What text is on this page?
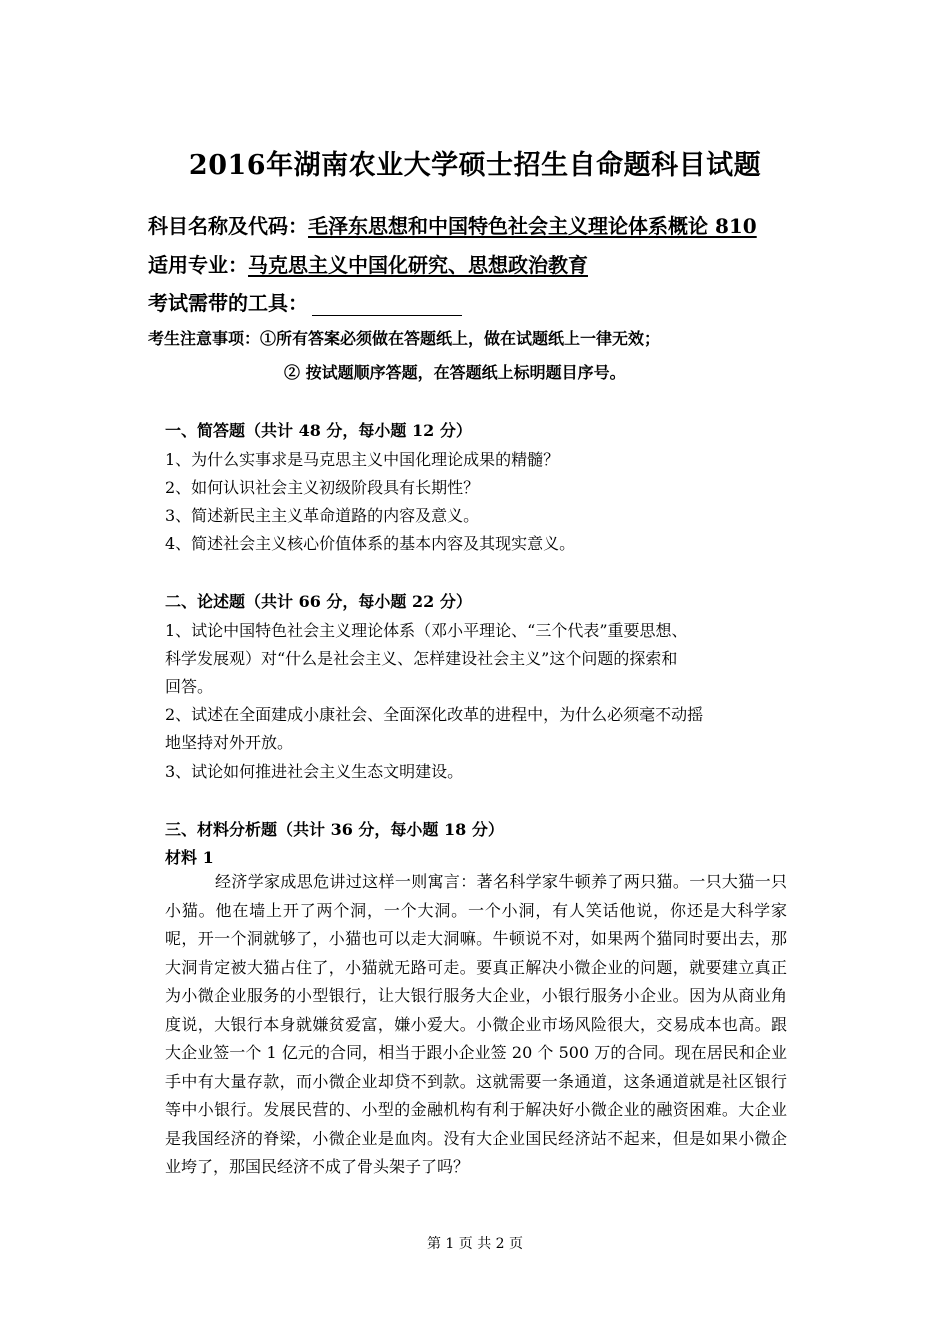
2016年湖南农业大学硕士招生自命题科目试题
科目名称及代码：毛泽东思想和中国特色社会主义理论体系概论 810
适用专业：马克思主义中国化研究、思想政治教育
考试需带的工具：
考生注意事项：①所有答案必须做在答题纸上，做在试题纸上一律无效；
② 按试题顺序答题，在答题纸上标明题目序号。
一、简答题（共计 48 分，每小题 12 分）
1、为什么实事求是马克思主义中国化理论成果的精髓？
2、如何认识社会主义初级阶段具有长期性？
3、简述新民主主义革命道路的内容及意义。
4、简述社会主义核心价值体系的基本内容及其现实意义。
二、论述题（共计 66 分，每小题 22 分）
1、试论中国特色社会主义理论体系（邓小平理论、“三个代表”重要思想、
科学发展观）对“什么是社会主义、怎样建设社会主义”这个问题的探索和
回答。
2、试述在全面建成小康社会、全面深化改革的进程中，为什么必须毫不动摇
地坚持对外开放。
3、试论如何推进社会主义生态文明建设。
三、材料分析题（共计 36 分，每小题 18 分）
材料 1

经济学家成思危讲过这样一则寓言：著名科学家牛顿养了两只猫。一只大猫一只小猫。他在墙上开了两个洞，一个大洞。一个小洞，有人笑话他说，你还是大科学家呢，开一个洞就够了，小猫也可以走大洞嘛。牛顿说不对，如果两个猫同时要出去，那大洞肯定被大猫占住了，小猫就无路可走。要真正解决小微企业的问题，就要建立真正为小微企业服务的小型银行，让大银行服务大企业，小银行服务小企业。因为从商业角度说，大银行本身就嫌贫爱富，嫌小爱大。小微企业市场风险很大，交易成本也高。跟大企业签一个 1 亿元的合同，相当于跟小企业签 20 个 500 万的合同。现在居民和企业手中有大量存款，而小微企业却贷不到款。这就需要一条通道，这条通道就是社区银行等中小银行。发展民营的、小型的金融机构有利于解决好小微企业的融资困难。大企业是我国经济的脊梁，小微企业是血肉。没有大企业国民经济站不起来，但是如果小微企业垮了，那国民经济不成了骨头架子了吗？

第 1 页 共 2 页
